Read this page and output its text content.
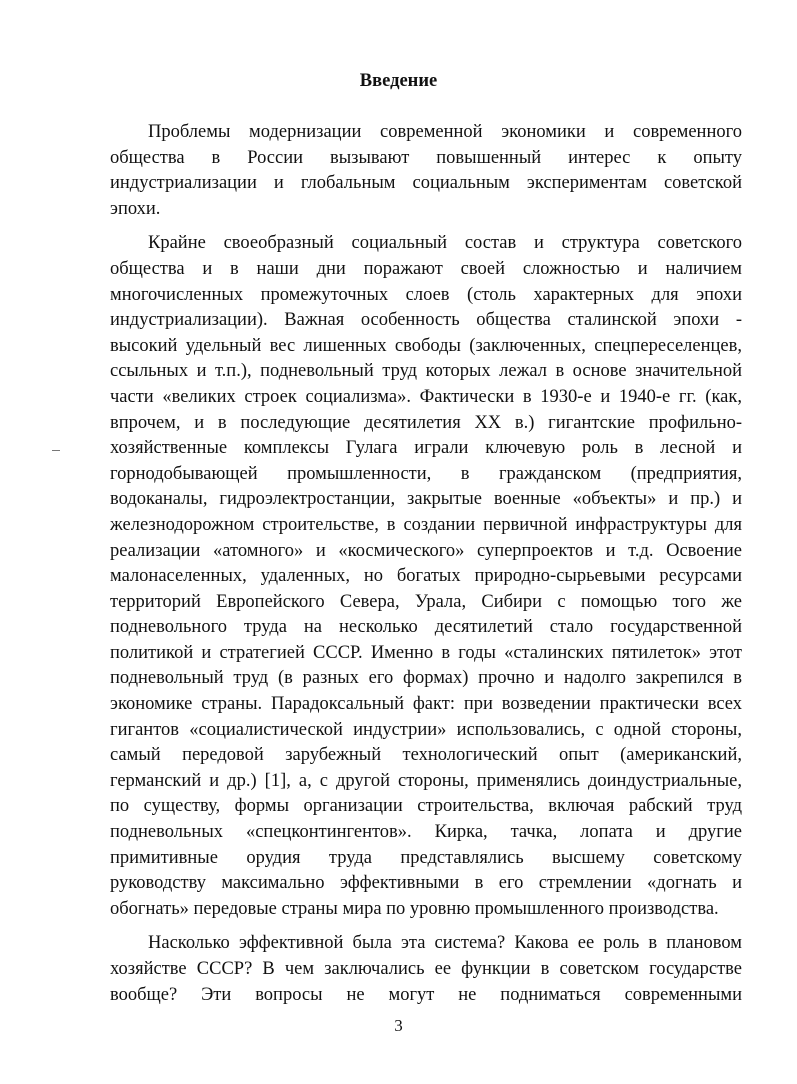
Введение
Проблемы модернизации современной экономики и современного
общества в России вызывают повышенный интерес к опыту
индустриализации и глобальным социальным экспериментам советской
эпохи.
Крайне своеобразный социальный состав и структура советского
общества и в наши дни поражают своей сложностью и наличием
многочисленных промежуточных слоев (столь характерных для эпохи
индустриализации). Важная особенность общества сталинской эпохи -
высокий удельный вес лишенных свободы (заключенных, спецпереселенцев,
ссыльных и т.п.), подневольный труд которых лежал в основе значительной
части «великих строек социализма». Фактически в 1930-е и 1940-е гг. (как,
впрочем, и в последующие десятилетия XX в.) гигантские профильно-
хозяйственные комплексы Гулага играли ключевую роль в лесной и
горнодобывающей промышленности, в гражданском (предприятия,
водоканалы, гидроэлектростанции, закрытые военные «объекты» и пр.) и
железнодорожном строительстве, в создании первичной инфраструктуры для
реализации «атомного» и «космического» суперпроектов и т.д. Освоение
малонаселенных, удаленных, но богатых природно-сырьевыми ресурсами
территорий Европейского Севера, Урала, Сибири с помощью того же
подневольного труда на несколько десятилетий стало государственной
политикой и стратегией СССР. Именно в годы «сталинских пятилеток» этот
подневольный труд (в разных его формах) прочно и надолго закрепился в
экономике страны. Парадоксальный факт: при возведении практически всех
гигантов «социалистической индустрии» использовались, с одной стороны,
самый передовой зарубежный технологический опыт (американский,
германский и др.) [1], а, с другой стороны, применялись доиндустриальные,
по существу, формы организации строительства, включая рабский труд
подневольных «спецконтингентов». Кирка, тачка, лопата и другие
примитивные орудия труда представлялись высшему советскому
руководству максимально эффективными в его стремлении «догнать и
обогнать» передовые страны мира по уровню промышленного производства.
Насколько эффективной была эта система? Какова ее роль в плановом
хозяйстве СССР? В чем заключались ее функции в советском государстве
вообще? Эти вопросы не могут не подниматься современными
3
